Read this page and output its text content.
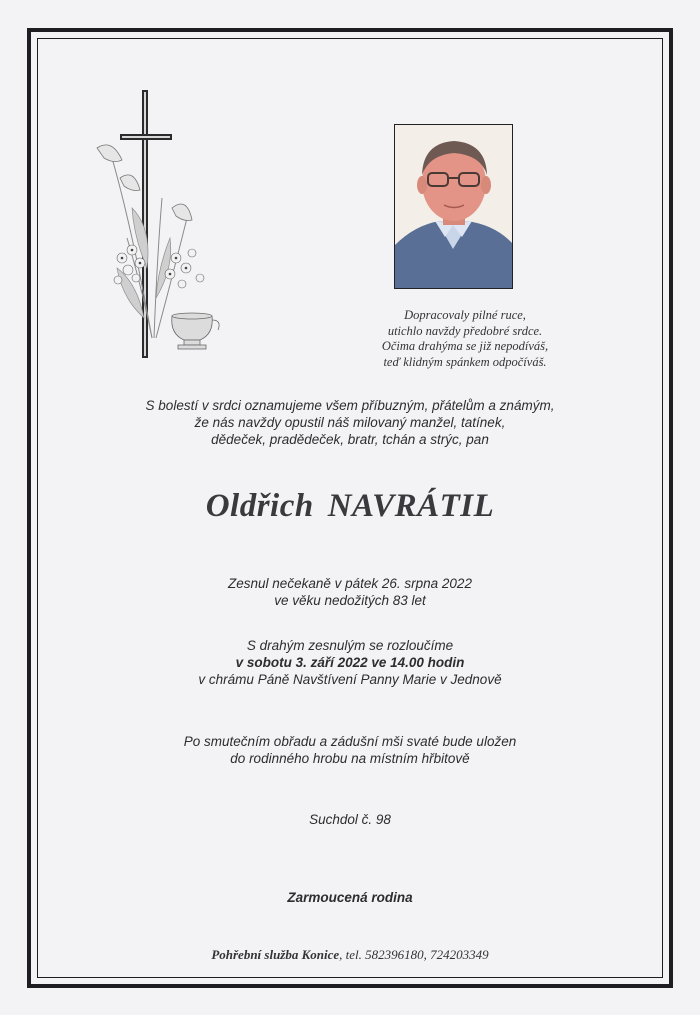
Dopracovaly pilné ruce,
utichlo navždy předobré srdce.
Očima drahýma se již nepodíváš,
teď klidným spánkem odpočíváš.
S bolestí v srdci oznamujeme všem příbuzným, přátelům a známým,
že nás navždy opustil náš milovaný manžel, tatínek,
dědeček, pradědeček, bratr, tchán a strýc, pan
Oldřich NAVRÁTIL
Zesnul nečekaně v pátek 26. srpna 2022
ve věku nedožitých 83 let
S drahým zesnulým se rozloučíme
v sobotu 3. září 2022 ve 14.00 hodin
v chrámu Páně Navštívení Panny Marie v Jednově
Po smutečním obřadu a zádušní mši svaté bude uložen
do rodinného hrobu na místním hřbitově
Suchdol č. 98
Zarmoucená rodina
Pohřební služba Konice, tel. 582396180, 724203349
